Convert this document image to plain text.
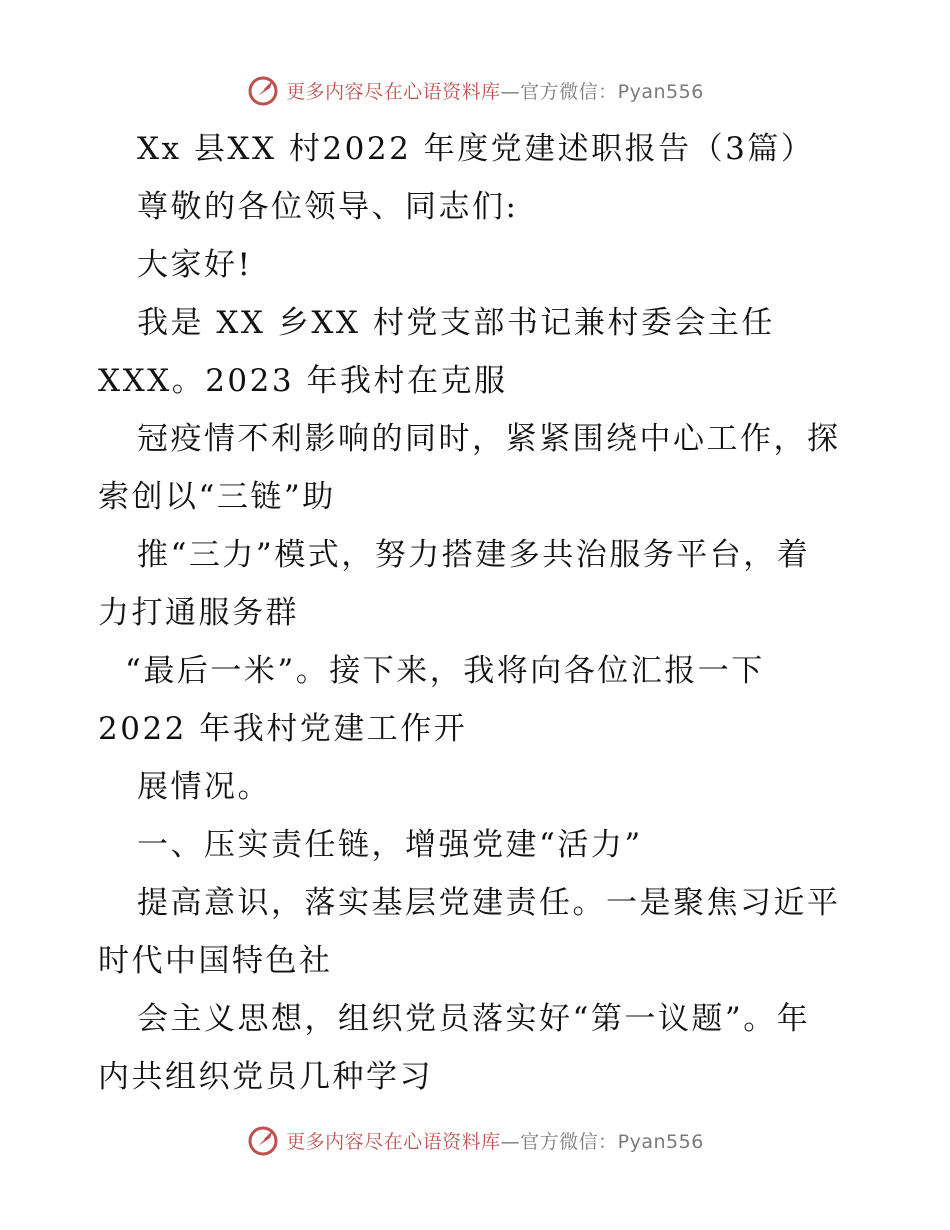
更多内容尽在心语资料库—官方微信：Pyan556
Xx 县XX 村2022 年度党建述职报告（3篇）
尊敬的各位领导、同志们:
大家好!
我是 XX 乡XX 村党支部书记兼村委会主任
XXX。2023 年我村在克服
冠疫情不利影响的同时，紧紧围绕中心工作，探
索创以“三链”助
推“三力”模式，努力搭建多共治服务平台，着
力打通服务群
“最后一米”。接下来，我将向各位汇报一下
2022 年我村党建工作开
展情况。
一、压实责任链，增强党建“活力”
提高意识，落实基层党建责任。一是聚焦习近平
时代中国特色社
会主义思想，组织党员落实好“第一议题”。年
内共组织党员几种学习
更多内容尽在心语资料库—官方微信：Pyan556
